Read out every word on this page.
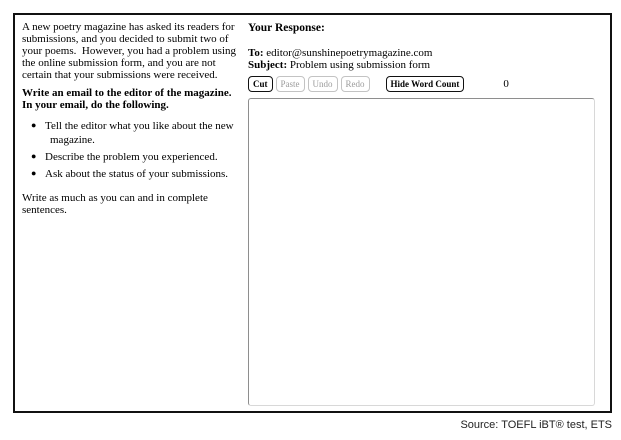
A new poetry magazine has asked its readers for submissions, and you decided to submit two of your poems.  However, you had a problem using the online submission form, and you are not certain that your submissions were received.

Write an email to the editor of the magazine.  In your email, do the following.

● Tell the editor what you like about the new magazine.
● Describe the problem you experienced.
● Ask about the status of your submissions.

Write as much as you can and in complete sentences.

Your Response:
To: editor@sunshinepoetrymagazine.com
Subject: Problem using submission form
Cut	Paste	Undo	Redo	Hide Word Count	0
Source: TOEFL iBT® test, ETS
